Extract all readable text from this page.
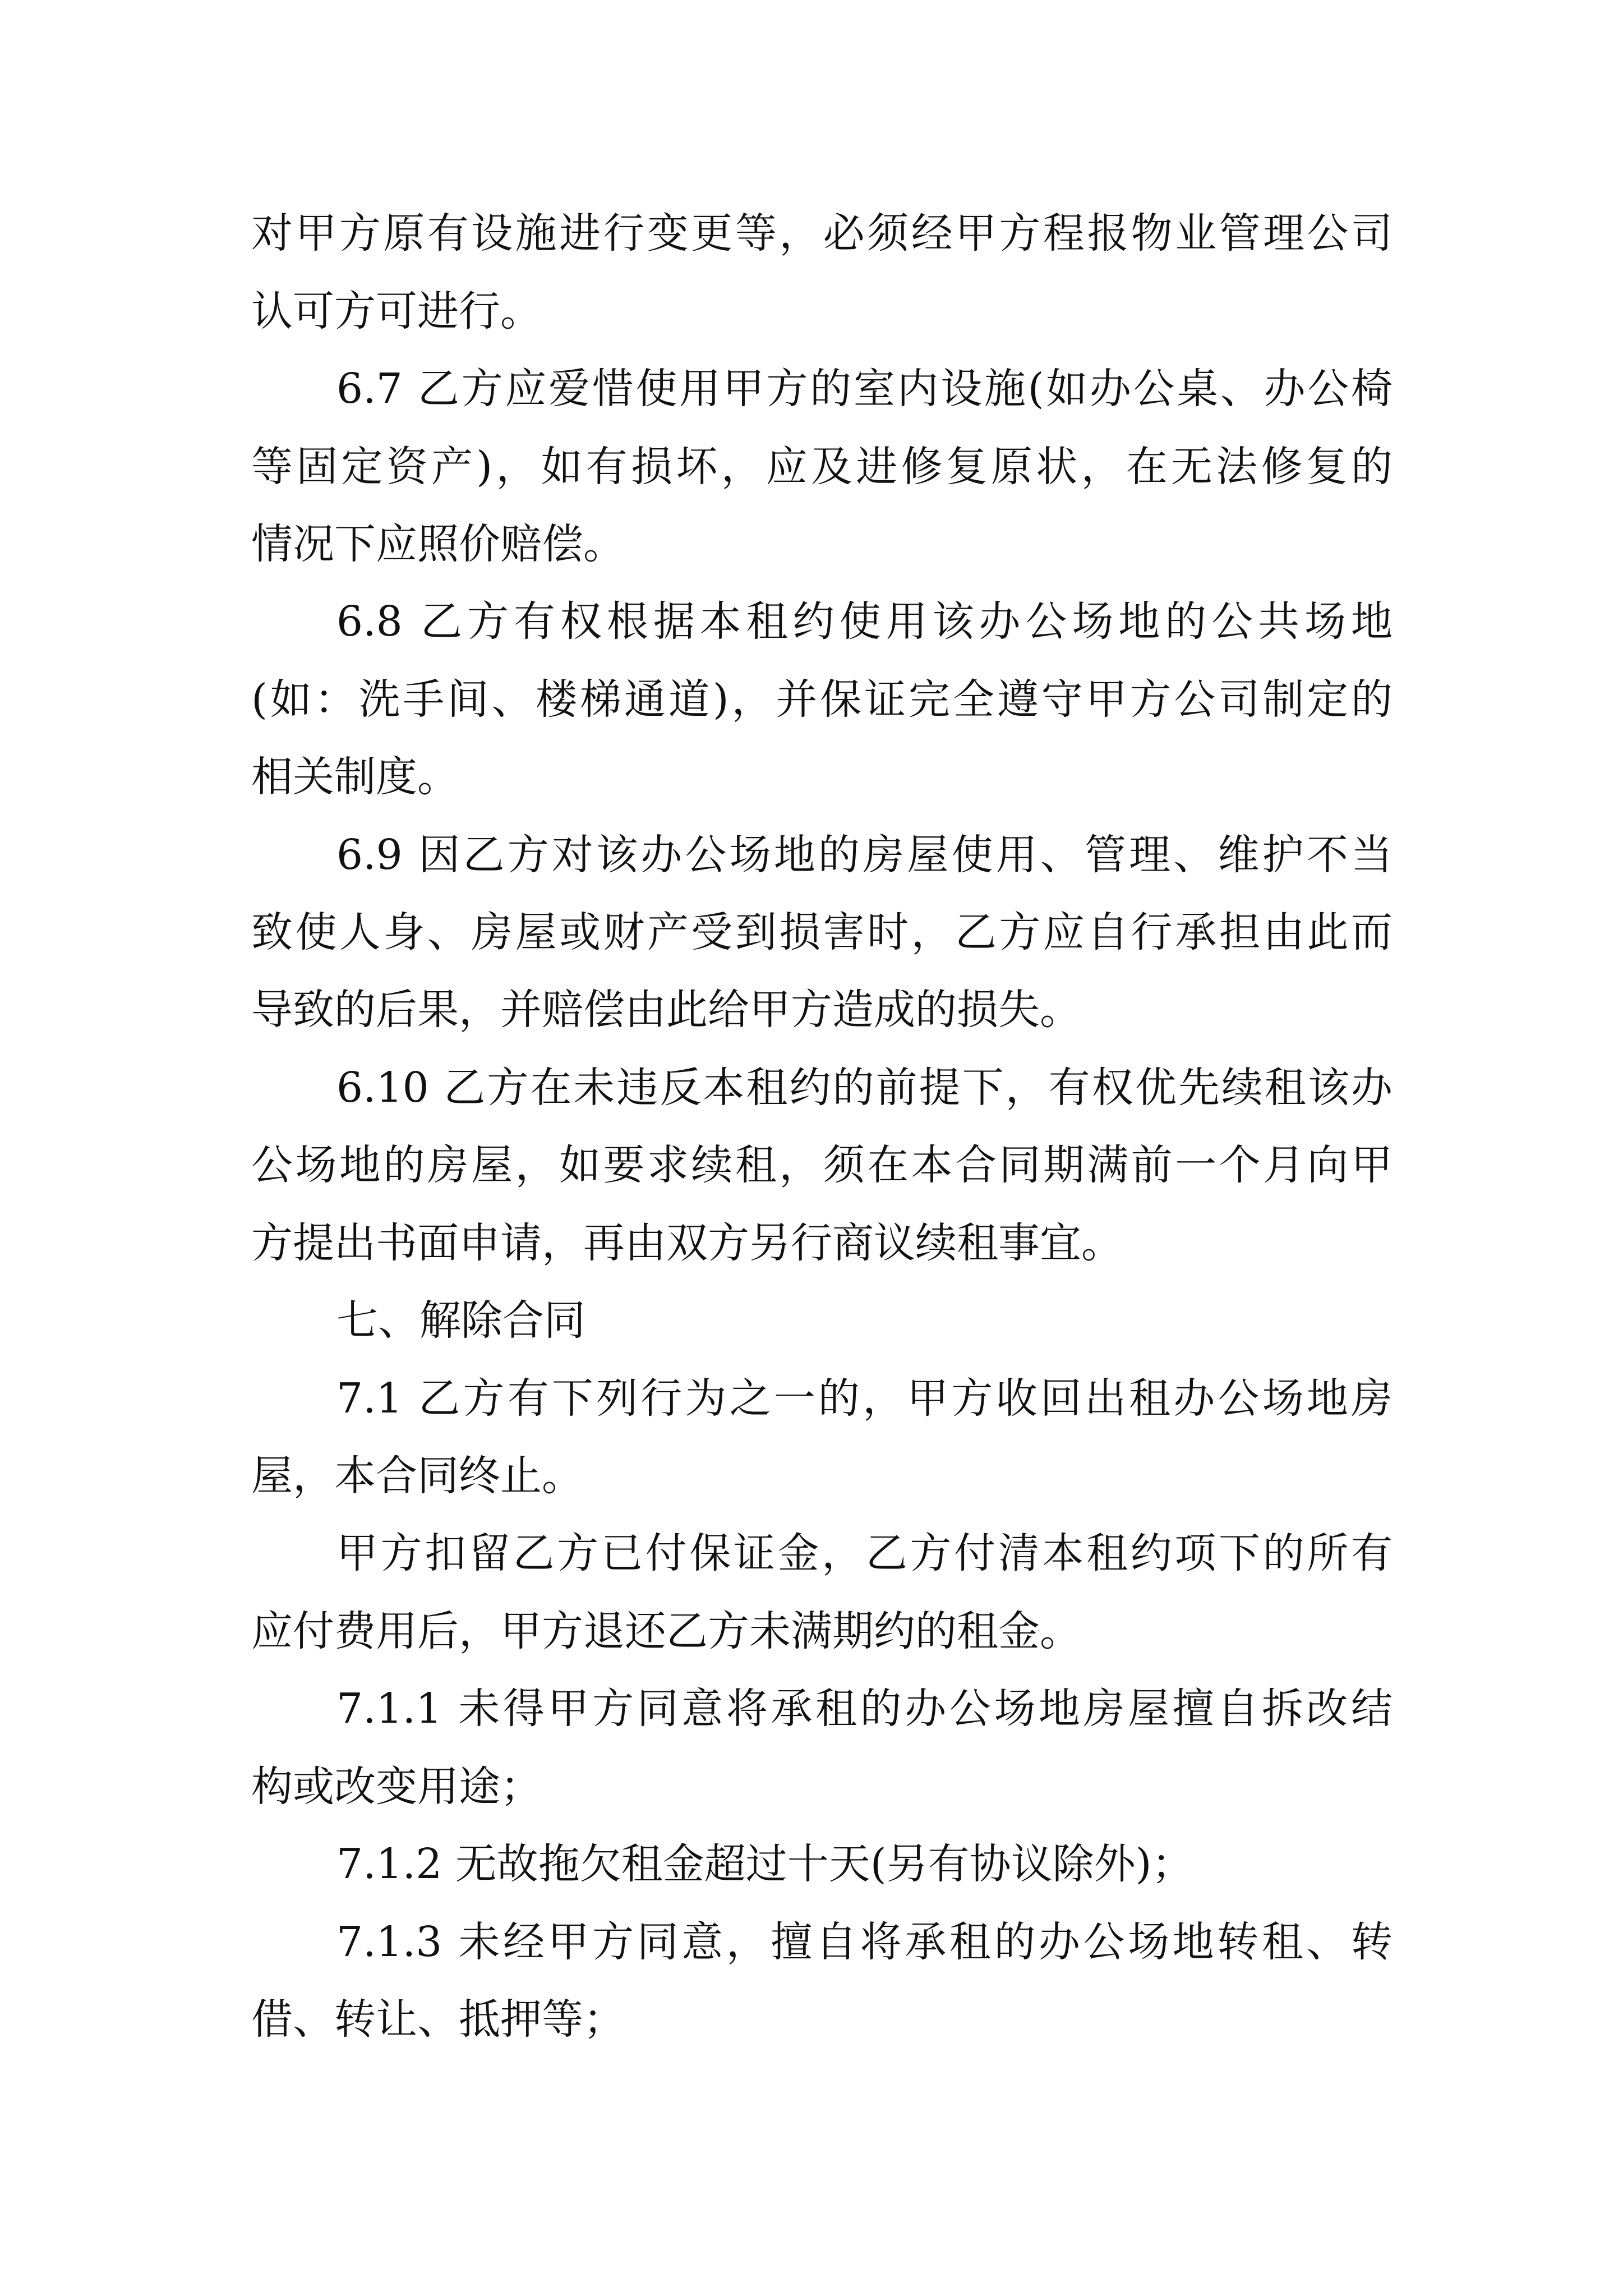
对甲方原有设施进行变更等，必须经甲方程报物业管理公司

认可方可进行。

6.7 乙方应爱惜使用甲方的室内设施(如办公桌、办公椅

等固定资产)，如有损坏，应及进修复原状，在无法修复的

情况下应照价赔偿。

6.8 乙方有权根据本租约使用该办公场地的公共场地

(如：洗手间、楼梯通道)，并保证完全遵守甲方公司制定的

相关制度。

6.9 因乙方对该办公场地的房屋使用、管理、维护不当

致使人身、房屋或财产受到损害时，乙方应自行承担由此而

导致的后果，并赔偿由此给甲方造成的损失。

6.10 乙方在未违反本租约的前提下，有权优先续租该办

公场地的房屋，如要求续租，须在本合同期满前一个月向甲

方提出书面申请，再由双方另行商议续租事宜。

七、解除合同

7.1 乙方有下列行为之一的，甲方收回出租办公场地房

屋，本合同终止。

甲方扣留乙方已付保证金，乙方付清本租约项下的所有

应付费用后，甲方退还乙方未满期约的租金。

7.1.1 未得甲方同意将承租的办公场地房屋擅自拆改结

构或改变用途；

7.1.2 无故拖欠租金超过十天(另有协议除外)；

7.1.3 未经甲方同意，擅自将承租的办公场地转租、转

借、转让、抵押等；
